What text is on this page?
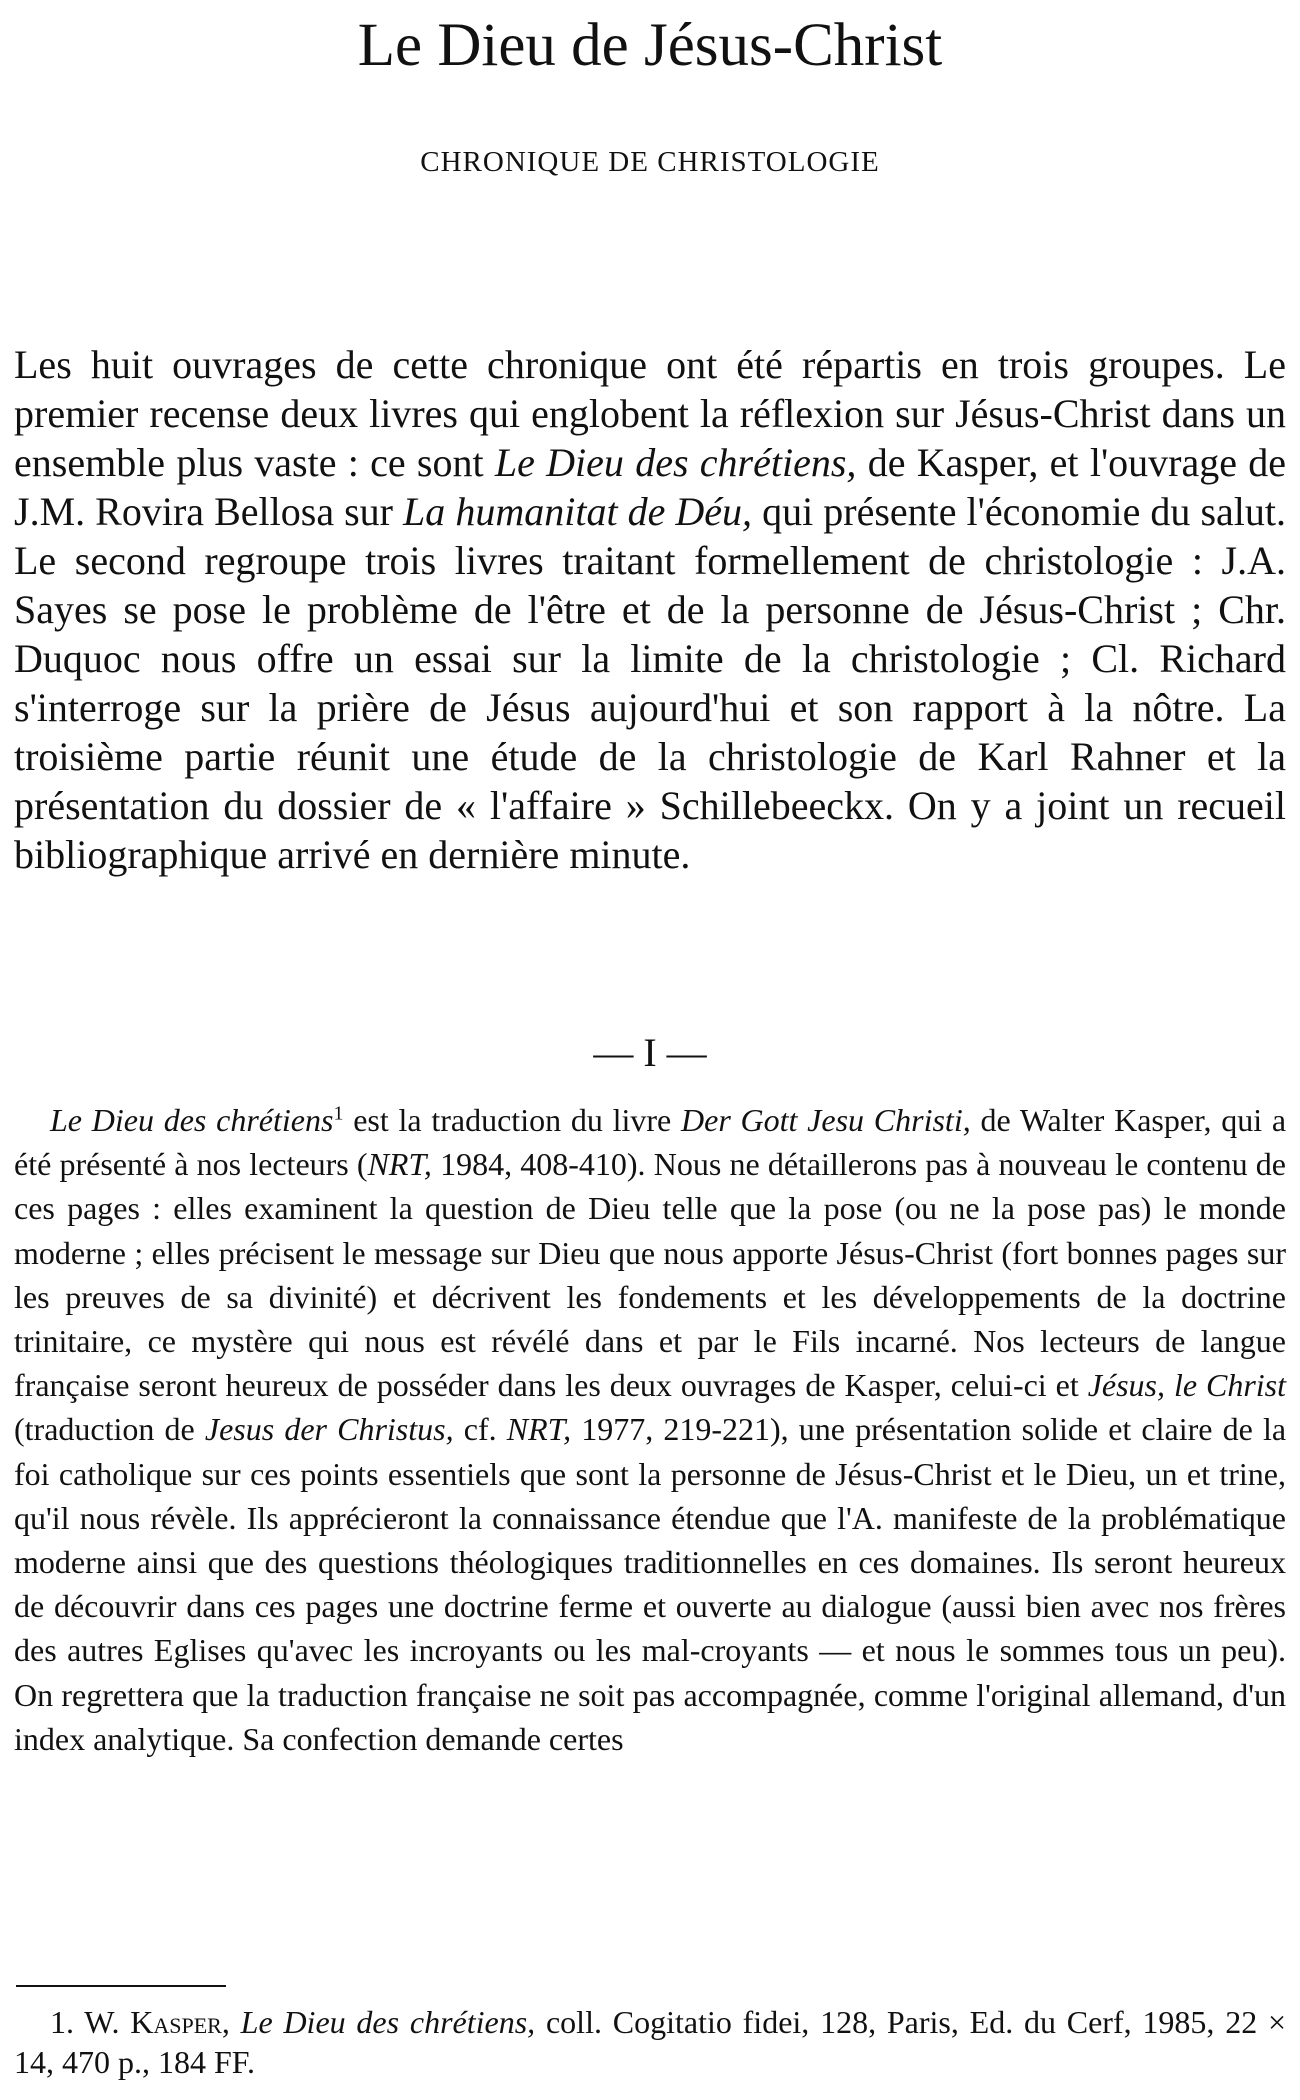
Le Dieu de Jésus-Christ
CHRONIQUE DE CHRISTOLOGIE

Les huit ouvrages de cette chronique ont été répartis en trois groupes. Le premier recense deux livres qui englobent la réflexion sur Jésus-Christ dans un ensemble plus vaste : ce sont Le Dieu des chrétiens, de Kasper, et l'ouvrage de J.M. Rovira Bellosa sur La humanitat de Déu, qui présente l'économie du salut. Le second regroupe trois livres traitant formellement de christologie : J.A. Sayes se pose le problème de l'être et de la personne de Jésus-Christ ; Chr. Duquoc nous offre un essai sur la limite de la christologie ; Cl. Richard s'interroge sur la prière de Jésus aujourd'hui et son rapport à la nôtre. La troisième partie réunit une étude de la christologie de Karl Rahner et la présentation du dossier de « l'affaire » Schillebeeckx. On y a joint un recueil bibliographique arrivé en dernière minute.

— I —

Le Dieu des chrétiens$^1$ est la traduction du livre Der Gott Jesu Christi, de Walter Kasper, qui a été présenté à nos lecteurs (NRT, 1984, 408-410). Nous ne détaillerons pas à nouveau le contenu de ces pages : elles examinent la question de Dieu telle que la pose (ou ne la pose pas) le monde moderne ; elles précisent le message sur Dieu que nous apporte Jésus-Christ (fort bonnes pages sur les preuves de sa divinité) et décrivent les fondements et les développements de la doctrine trinitaire, ce mystère qui nous est révélé dans et par le Fils incarné. Nos lecteurs de langue française seront heureux de posséder dans les deux ouvrages de Kasper, celui-ci et Jésus, le Christ (traduction de Jesus der Christus, cf. NRT, 1977, 219-221), une présentation solide et claire de la foi catholique sur ces points essentiels que sont la personne de Jésus-Christ et le Dieu, un et trine, qu'il nous révèle. Ils apprécieront la connaissance étendue que l'A. manifeste de la problématique moderne ainsi que des questions théologiques traditionnelles en ces domaines. Ils seront heureux de découvrir dans ces pages une doctrine ferme et ouverte au dialogue (aussi bien avec nos frères des autres Eglises qu'avec les incroyants ou les mal-croyants — et nous le sommes tous un peu). On regrettera que la traduction française ne soit pas accompagnée, comme l'original allemand, d'un index analytique. Sa confection demande certes

1. W. Kasper, Le Dieu des chrétiens, coll. Cogitatio fidei, 128, Paris, Ed. du Cerf, 1985, 22 × 14, 470 p., 184 FF.
